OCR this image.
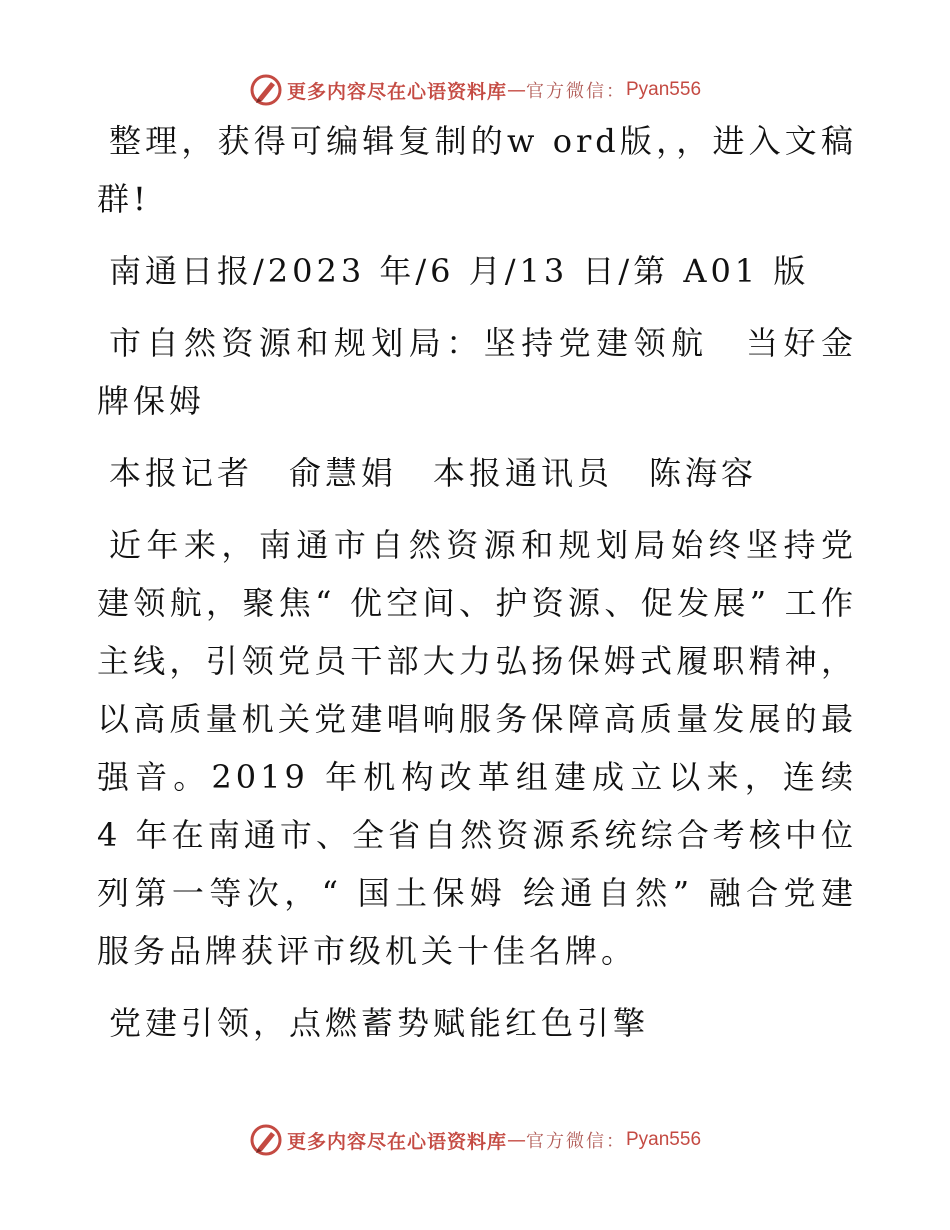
更多内容尽在心语资料库 — 官方微信： Pyan556

整理，获得可编辑复制的w ord版，，进入文稿群!

南通日报/2023 年/6 月/13 日/第 A01 版

市自然资源和规划局：坚持党建领航　当好金牌保姆

本报记者　俞慧娟　本报通讯员　陈海容

近年来，南通市自然资源和规划局始终坚持党建领航，聚焦“ 优空间、护资源、促发展” 工作主线，引领党员干部大力弘扬保姆式履职精神，以高质量机关党建唱响服务保障高质量发展的最强音。2019 年机构改革组建成立以来，连续 4 年在南通市、全省自然资源系统综合考核中位列第一等次，“ 国土保姆 绘通自然” 融合党建服务品牌获评市级机关十佳名牌。

党建引领，点燃蓄势赋能红色引擎

更多内容尽在心语资料库 — 官方微信： Pyan556
